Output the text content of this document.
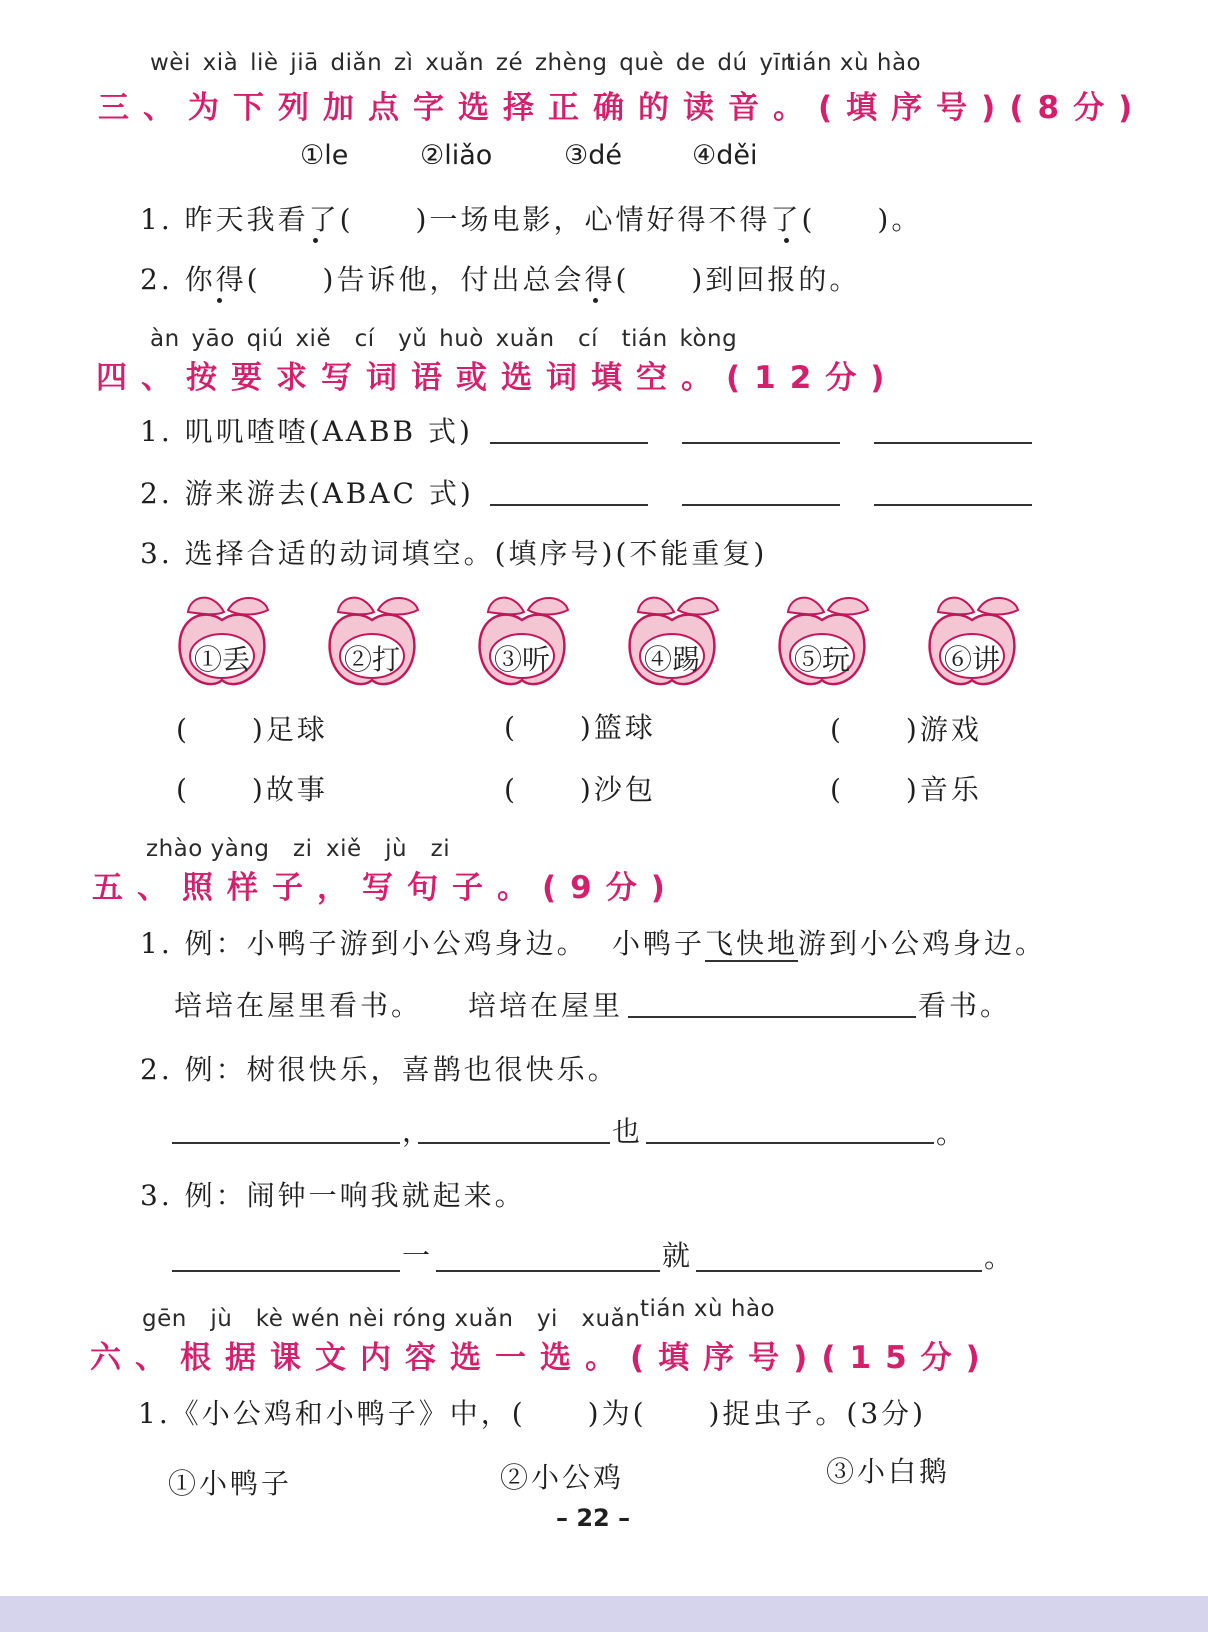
wèi xià liè jiā diǎn zì xuǎn zé zhèng què de dú yīn
tián xù hào
三、为下列加点字选择正确的读音。(填序号)(8分)
①le	②liǎo	③dé	④děi
1. 昨天我看了(　　)一场电影，心情好得不得了(　　)。
2. 你得(　　)告诉他，付出总会得(　　)到回报的。
àn yāo qiú xiě　cí　yǔ huò xuǎn　cí　tián kòng
四、按要求写词语或选词填空。(12分)
1. 叽叽喳喳(AABB 式)
2. 游来游去(ABAC 式)
3. 选择合适的动词填空。(填序号)(不能重复)
①丢	②打	③听	④踢	⑤玩	⑥讲
(　　)足球	(　　)篮球	(　　)游戏
(　　)故事	(　　)沙包	(　　)音乐
zhào yàng　zi xiě　jù　zi
五、照样子，写句子。(9分)
1. 例：小鸭子游到小公鸡身边。 小鸭子飞快地游到小公鸡身边。
培培在屋里看书。 培培在屋里	看书。
2. 例：树很快乐，喜鹊也很快乐。
，	也	。
3. 例：闹钟一响我就起来。
一	就	。
gēn　jù　kè wén nèi róng xuǎn　yi　xuǎn tián xù hào
六、根据课文内容选一选。(填序号)(15分)
1.《小公鸡和小鸭子》中，(　　)为(　　)捉虫子。(3分)
①小鸭子	②小公鸡	③小白鹅
– 22 –
